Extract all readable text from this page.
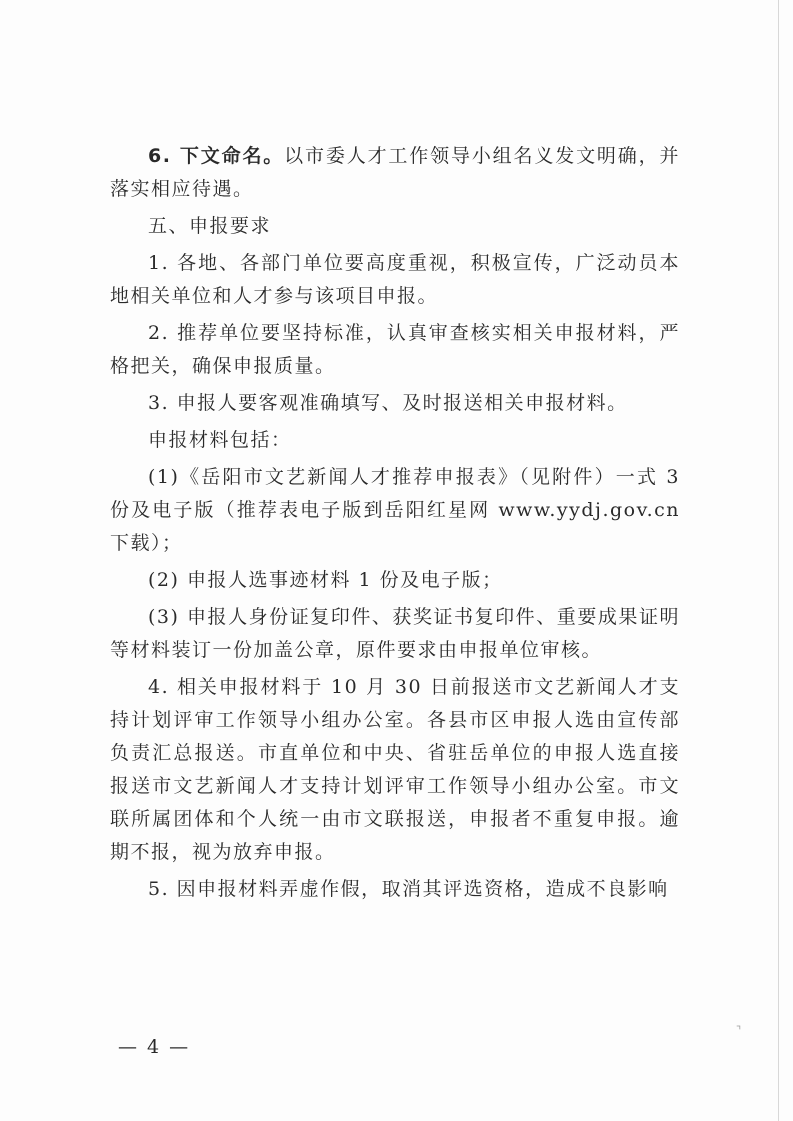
6. 下文命名。以市委人才工作领导小组名义发文明确，并落实相应待遇。

五、申报要求

1. 各地、各部门单位要高度重视，积极宣传，广泛动员本地相关单位和人才参与该项目申报。

2. 推荐单位要坚持标准，认真审查核实相关申报材料，严格把关，确保申报质量。

3. 申报人要客观准确填写、及时报送相关申报材料。

申报材料包括：

(1)《岳阳市文艺新闻人才推荐申报表》（见附件）一式 3 份及电子版（推荐表电子版到岳阳红星网 www.yydj.gov.cn 下载）；

(2) 申报人选事迹材料 1 份及电子版；

(3) 申报人身份证复印件、获奖证书复印件、重要成果证明等材料装订一份加盖公章，原件要求由申报单位审核。

4. 相关申报材料于 10 月 30 日前报送市文艺新闻人才支持计划评审工作领导小组办公室。各县市区申报人选由宣传部负责汇总报送。市直单位和中央、省驻岳单位的申报人选直接报送市文艺新闻人才支持计划评审工作领导小组办公室。市文联所属团体和个人统一由市文联报送，申报者不重复申报。逾期不报，视为放弃申报。

5. 因申报材料弄虚作假，取消其评选资格，造成不良影响

— 4 —
⌝
